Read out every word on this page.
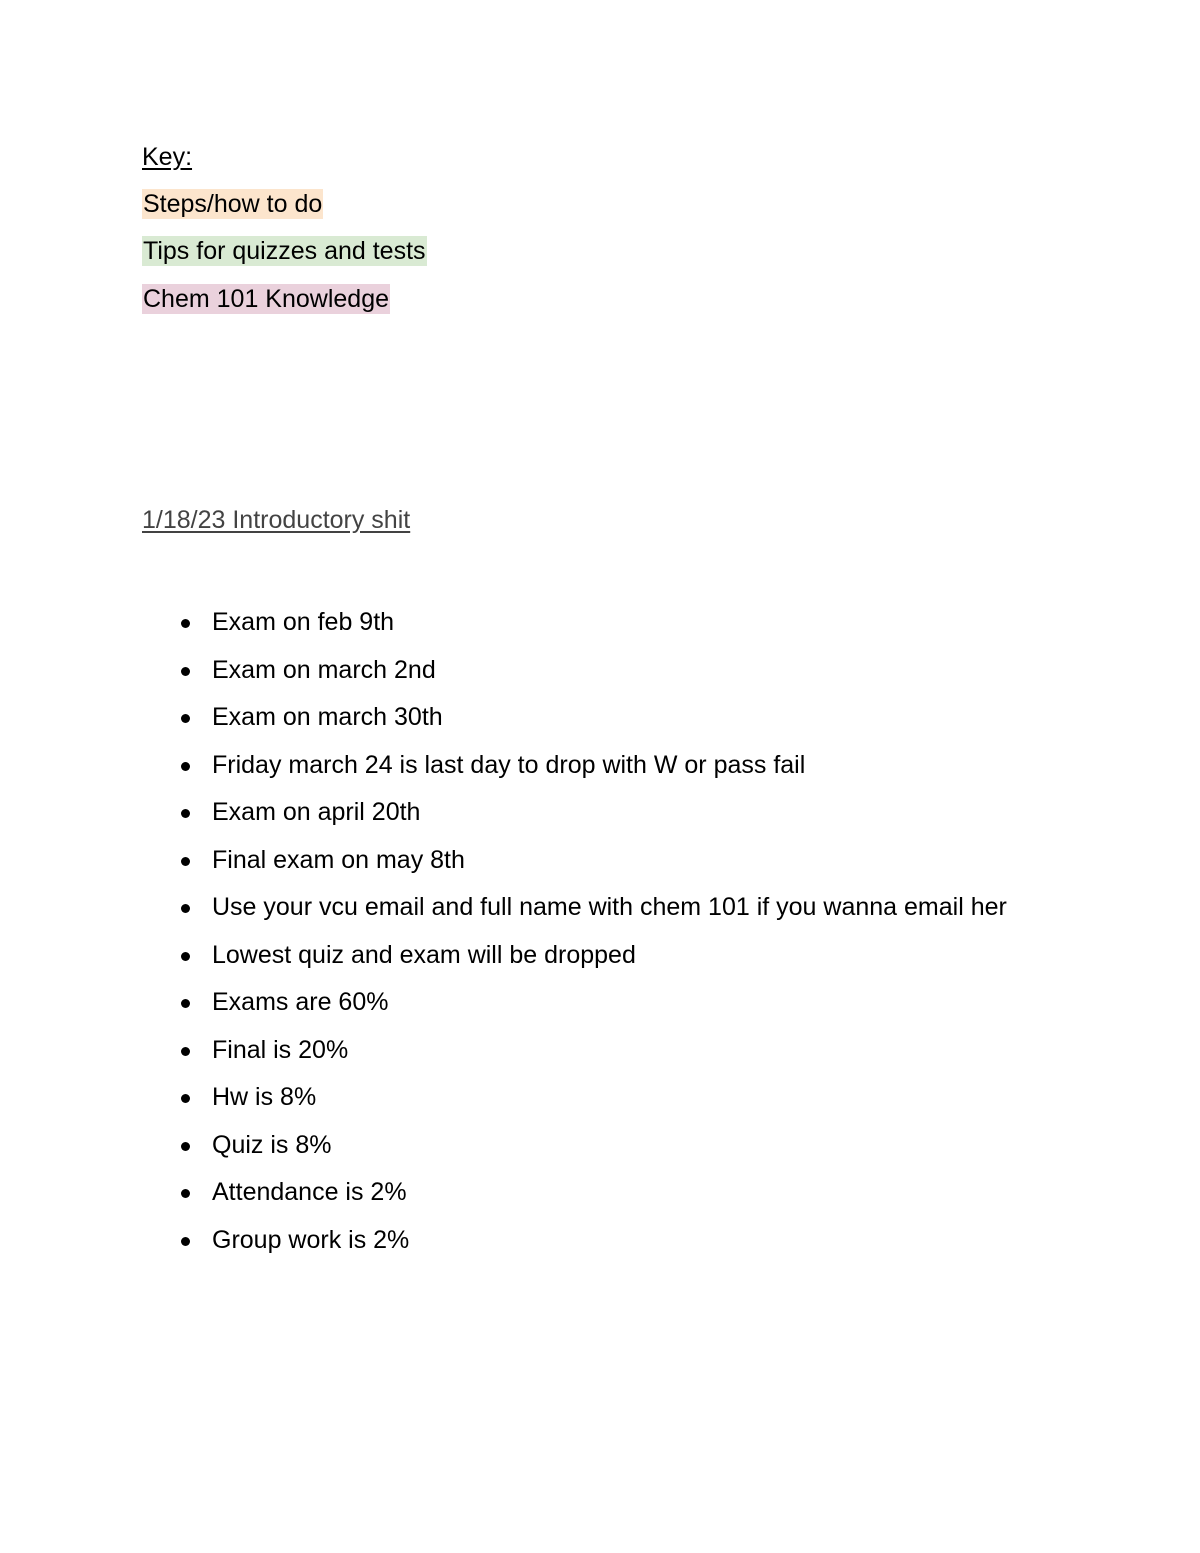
Key:
Steps/how to do
Tips for quizzes and tests
Chem 101 Knowledge
1/18/23 Introductory shit
Exam on feb 9th
Exam on march 2nd
Exam on march 30th
Friday march 24 is last day to drop with W or pass fail
Exam on april 20th
Final exam on may 8th
Use your vcu email and full name with chem 101 if you wanna email her
Lowest quiz and exam will be dropped
Exams are 60%
Final is 20%
Hw is 8%
Quiz is 8%
Attendance is 2%
Group work is 2%
